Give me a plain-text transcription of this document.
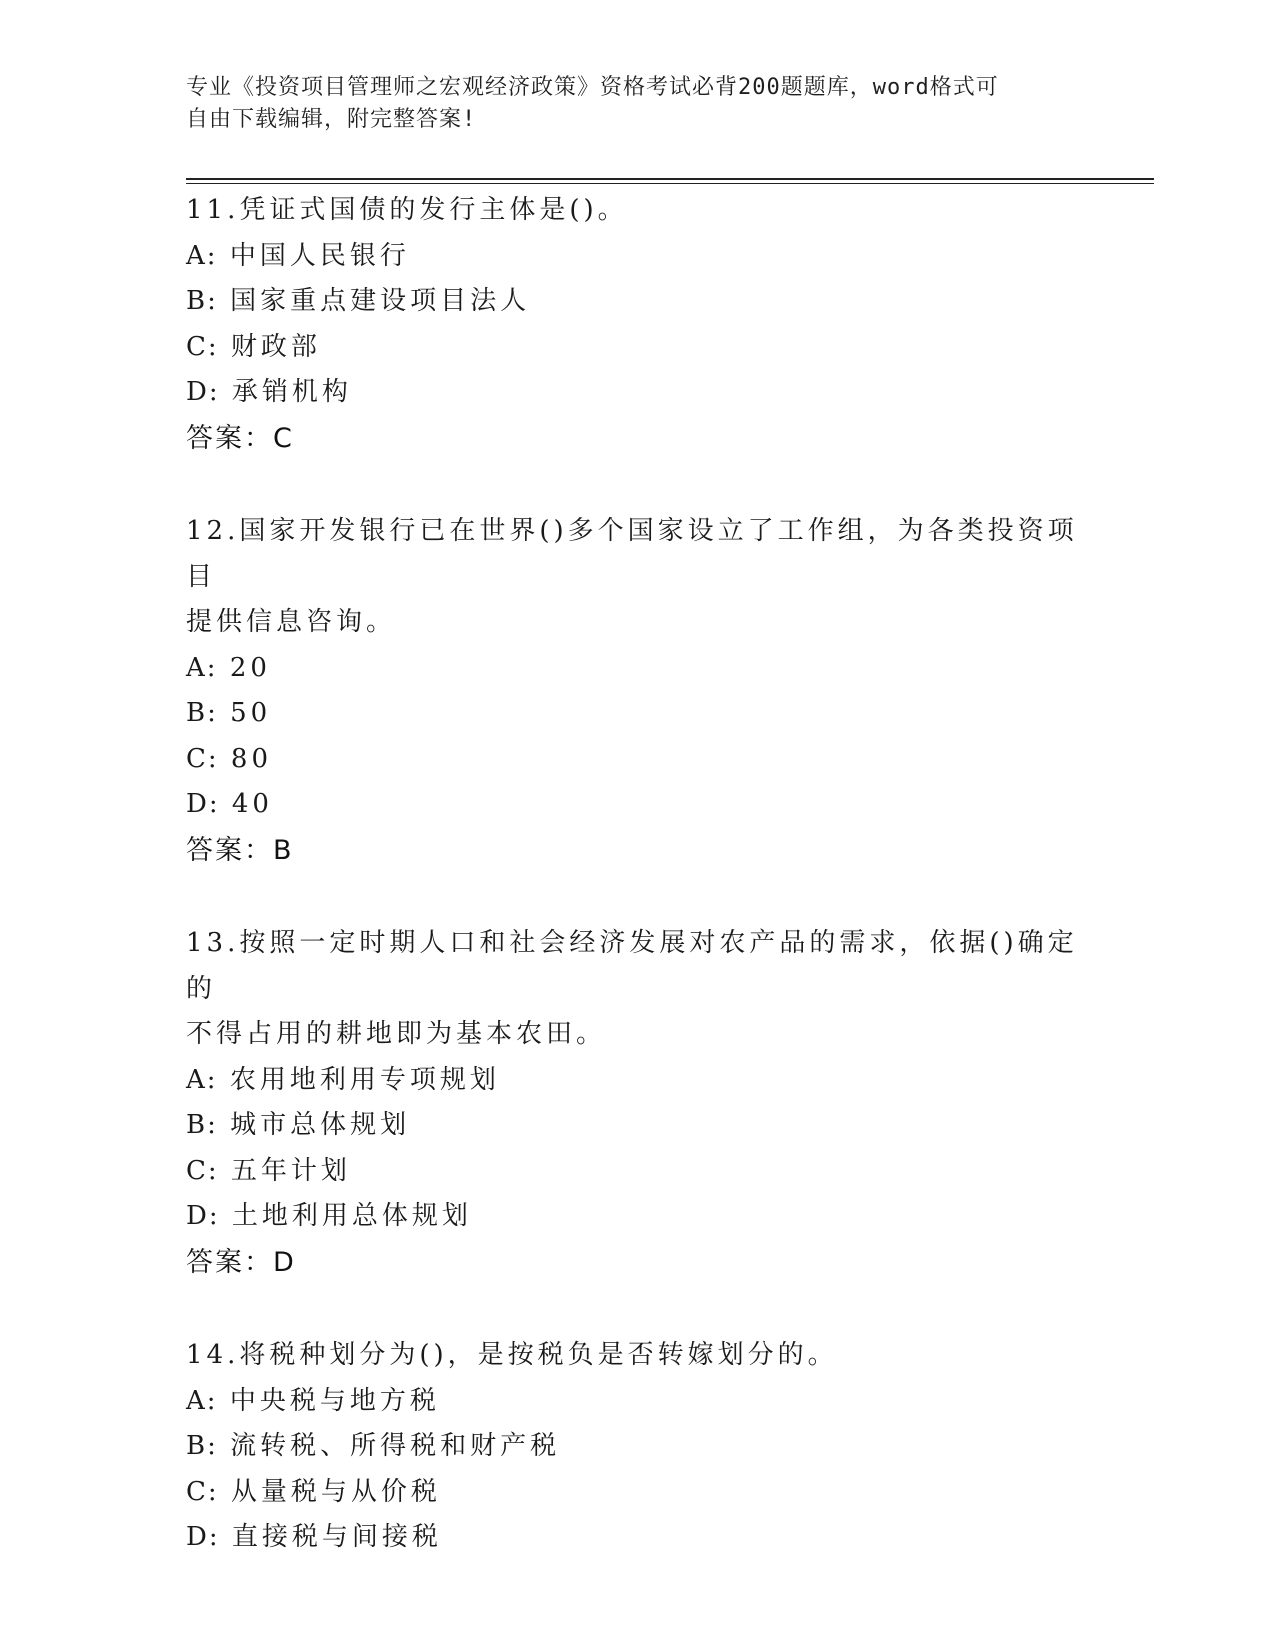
专业《投资项目管理师之宏观经济政策》资格考试必背200题题库，word格式可
自由下载编辑，附完整答案!

11.凭证式国债的发行主体是()。

A: 中国人民银行

B: 国家重点建设项目法人

C: 财政部

D: 承销机构

答案：C

12.国家开发银行已在世界()多个国家设立了工作组，为各类投资项目

提供信息咨询。

A: 20

B: 50

C: 80

D: 40

答案：B

13.按照一定时期人口和社会经济发展对农产品的需求，依据()确定的

不得占用的耕地即为基本农田。

A: 农用地利用专项规划

B: 城市总体规划

C: 五年计划

D: 土地利用总体规划

答案：D

14.将税种划分为()，是按税负是否转嫁划分的。

A: 中央税与地方税

B: 流转税、所得税和财产税

C: 从量税与从价税

D: 直接税与间接税
